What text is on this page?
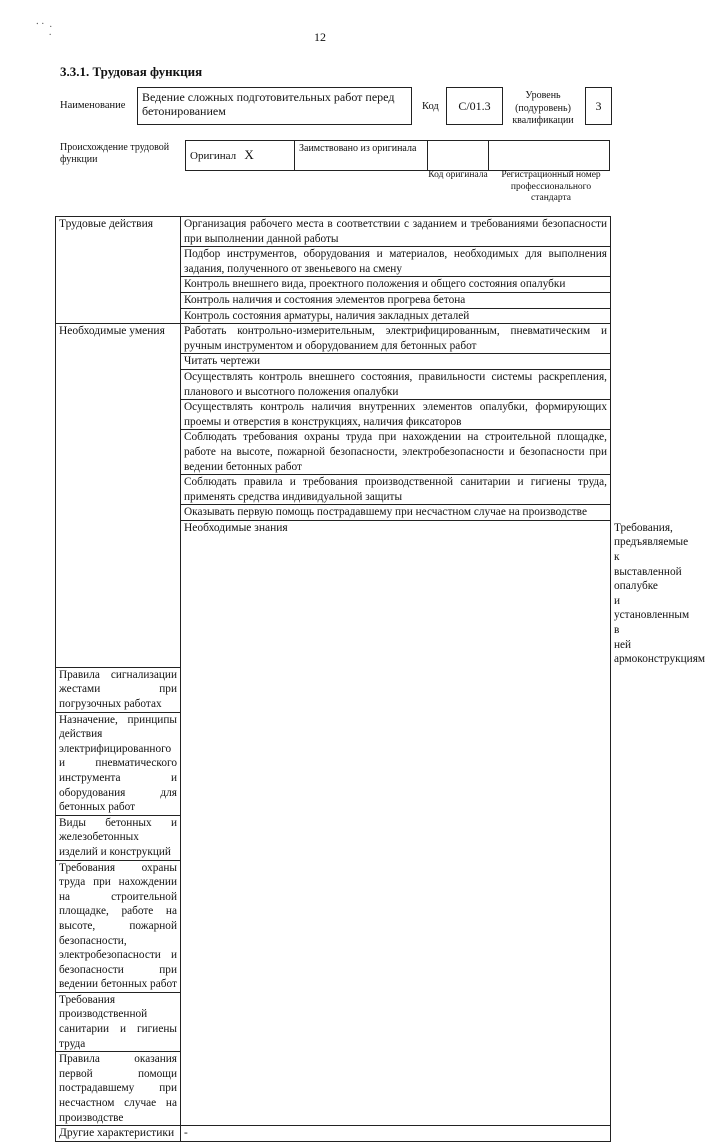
⸱ ·  .
·	12
3.3.1. Трудовая функция
Наименование
Ведение сложных подготовительных работ перед бетонированием	Код	С/01.3
Уровень (подуровень) квалификации
3
Происхождение трудовой функции	Оригинал X	Заимствовано из оригинала		
Код оригинала	Регистрационный номер профессионального стандарта
Трудовые действия	Организация рабочего места в соответствии с заданием и требованиями безопасности при выполнении данной работы	
	Подбор инструментов, оборудования и материалов, необходимых для выполнения задания, полученного от звеньевого на смену	
	Контроль внешнего вида, проектного положения и общего состояния опалубки	
	Контроль наличия и состояния элементов прогрева бетона	
	Контроль состояния арматуры, наличия закладных деталей	
Необходимые умения	Работать контрольно-измерительным, электрифицированным, пневматическим и ручным инструментом и оборудованием для бетонных работ	
	Читать чертежи	
	Осуществлять контроль внешнего состояния, правильности системы раскрепления, планового и высотного положения опалубки	
	Осуществлять контроль наличия внутренних элементов опалубки, формирующих проемы и отверстия в конструкциях, наличия фиксаторов	
	Соблюдать требования охраны труда при нахождении на строительной площадке, работе на высоте, пожарной безопасности, электробезопасности и безопасности при ведении бетонных работ	
	Соблюдать правила и требования производственной санитарии и гигиены труда, применять средства индивидуальной защиты	
	Оказывать первую помощь пострадавшему при несчастном случае на производстве	
	Необходимые знания	Требования, предъявляемые к выставленной опалубке и установленным в ней армоконструкциям
Правила сигнализации жестами при погрузочных работах		
Назначение, принципы действия электрифицированного и пневматического инструмента и оборудования для бетонных работ		
Виды бетонных и железобетонных изделий и конструкций		
Требования охраны труда при нахождении на строительной площадке, работе на высоте, пожарной безопасности, электробезопасности и безопасности при ведении бетонных работ		
Требования производственной санитарии и гигиены труда		
Правила оказания первой помощи пострадавшему при несчастном случае на производстве		
Другие характеристики	-	
